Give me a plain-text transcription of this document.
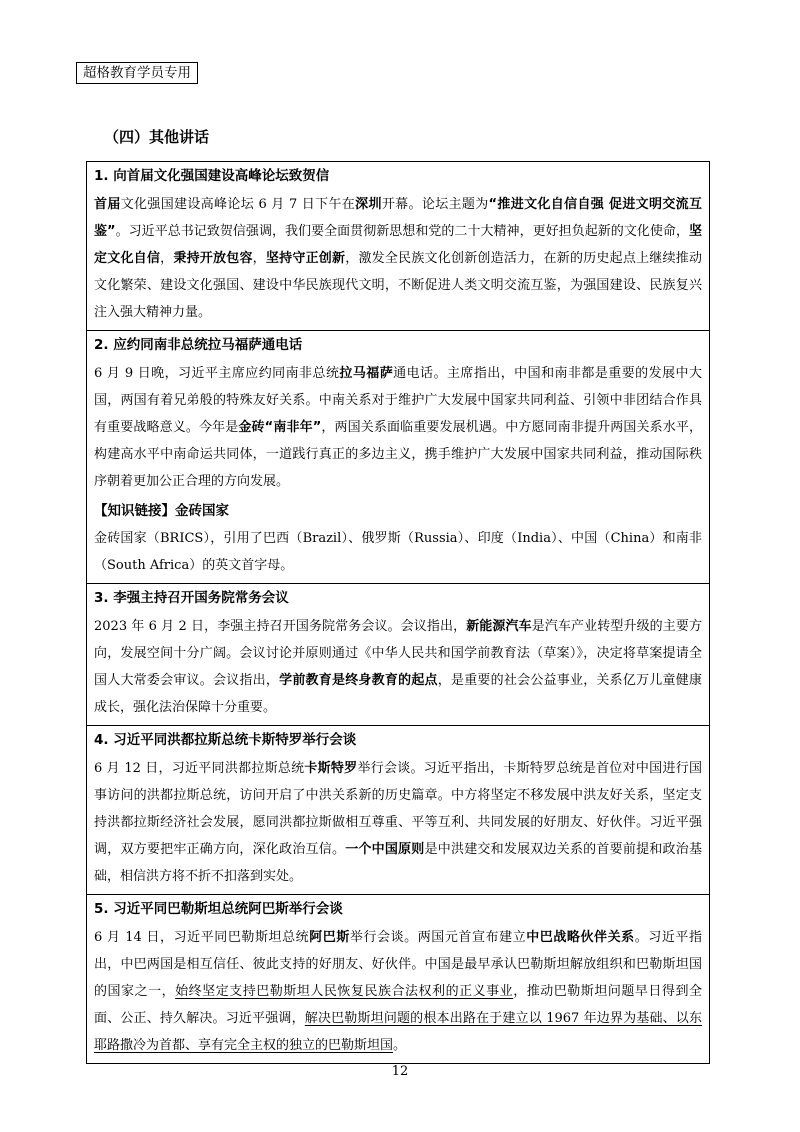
超格教育学员专用
（四）其他讲话
1. 向首届文化强国建设高峰论坛致贺信

首届文化强国建设高峰论坛 6 月 7 日下午在深圳开幕。论坛主题为“推进文化自信自强 促进文明交流互鉴”。习近平总书记致贺信强调，我们要全面贯彻新思想和党的二十大精神，更好担负起新的文化使命，坚定文化自信，秉持开放包容，坚持守正创新，激发全民族文化创新创造活力，在新的历史起点上继续推动文化繁荣、建设文化强国、建设中华民族现代文明，不断促进人类文明交流互鉴，为强国建设、民族复兴注入强大精神力量。

2. 应约同南非总统拉马福萨通电话

6 月 9 日晚，习近平主席应约同南非总统拉马福萨通电话。主席指出，中国和南非都是重要的发展中大国，两国有着兄弟般的特殊友好关系。中南关系对于维护广大发展中国家共同利益、引领中非团结合作具有重要战略意义。今年是金砖“南非年”，两国关系面临重要发展机遇。中方愿同南非提升两国关系水平，构建高水平中南命运共同体，一道践行真正的多边主义，携手维护广大发展中国家共同利益，推动国际秩序朝着更加公正合理的方向发展。

【知识链接】金砖国家

金砖国家（BRICS），引用了巴西（Brazil）、俄罗斯（Russia）、印度（India）、中国（China）和南非（South Africa）的英文首字母。

3. 李强主持召开国务院常务会议

2023 年 6 月 2 日，李强主持召开国务院常务会议。会议指出，新能源汽车是汽车产业转型升级的主要方向，发展空间十分广阔。会议讨论并原则通过《中华人民共和国学前教育法（草案）》，决定将草案提请全国人大常委会审议。会议指出，学前教育是终身教育的起点，是重要的社会公益事业，关系亿万儿童健康成长，强化法治保障十分重要。

4. 习近平同洪都拉斯总统卡斯特罗举行会谈

6 月 12 日，习近平同洪都拉斯总统卡斯特罗举行会谈。习近平指出，卡斯特罗总统是首位对中国进行国事访问的洪都拉斯总统，访问开启了中洪关系新的历史篇章。中方将坚定不移发展中洪友好关系，坚定支持洪都拉斯经济社会发展，愿同洪都拉斯做相互尊重、平等互利、共同发展的好朋友、好伙伴。习近平强调，双方要把牢正确方向，深化政治互信。一个中国原则是中洪建交和发展双边关系的首要前提和政治基础，相信洪方将不折不扣落到实处。

5. 习近平同巴勒斯坦总统阿巴斯举行会谈

6 月 14 日，习近平同巴勒斯坦总统阿巴斯举行会谈。两国元首宣布建立中巴战略伙伴关系。习近平指出，中巴两国是相互信任、彼此支持的好朋友、好伙伴。中国是最早承认巴勒斯坦解放组织和巴勒斯坦国的国家之一，始终坚定支持巴勒斯坦人民恢复民族合法权利的正义事业，推动巴勒斯坦问题早日得到全面、公正、持久解决。习近平强调，解决巴勒斯坦问题的根本出路在于建立以 1967 年边界为基础、以东耶路撒冷为首都、享有完全主权的独立的巴勒斯坦国。

12
